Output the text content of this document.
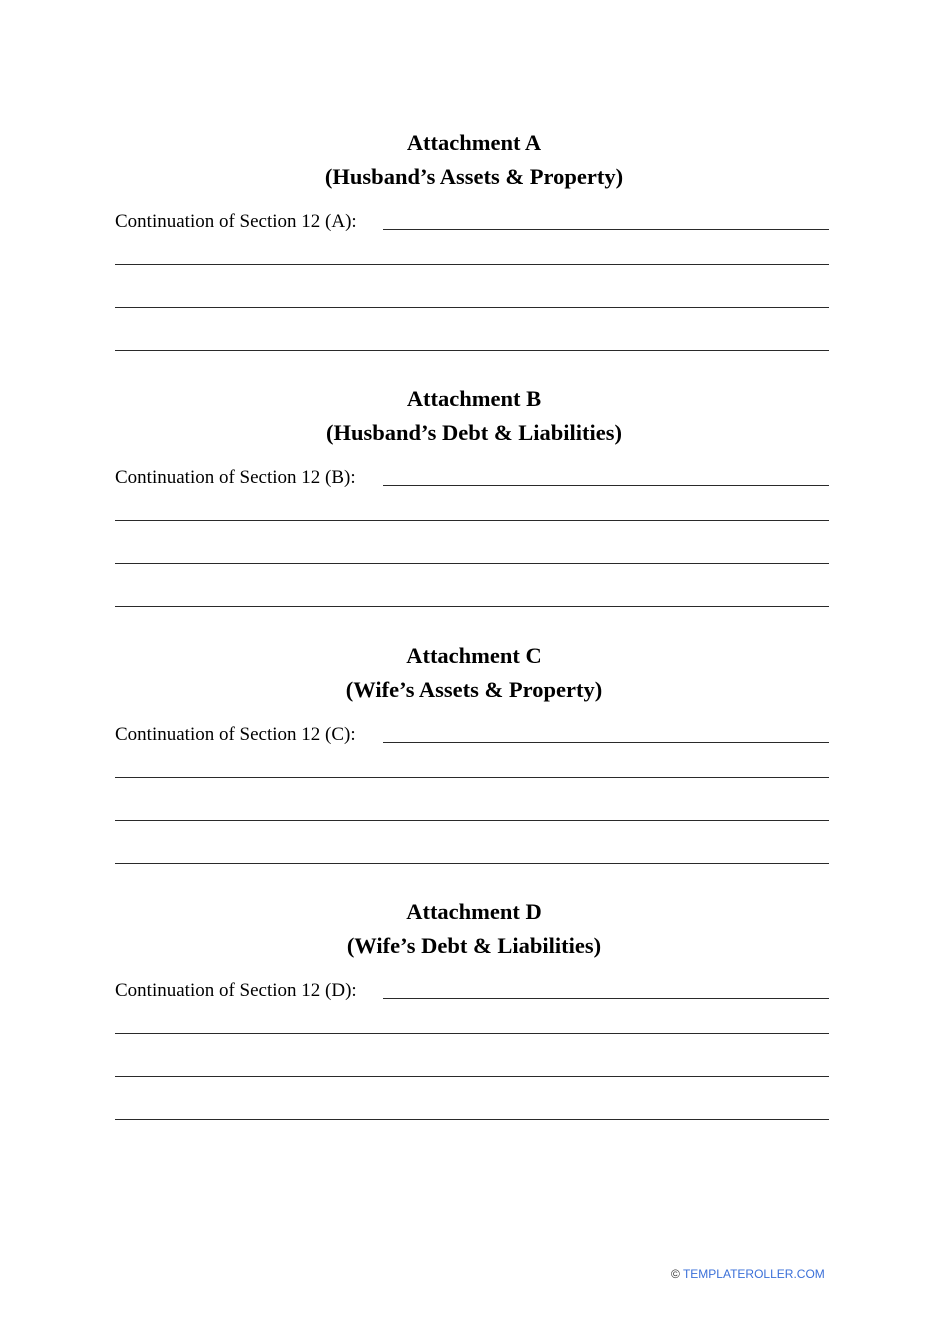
Attachment A
(Husband’s Assets & Property)
Continuation of Section 12 (A):
Attachment B
(Husband’s Debt & Liabilities)
Continuation of Section 12 (B):
Attachment C
(Wife’s Assets & Property)
Continuation of Section 12 (C):
Attachment D
(Wife’s Debt & Liabilities)
Continuation of Section 12 (D):
© TEMPLATEROLLER.COM
